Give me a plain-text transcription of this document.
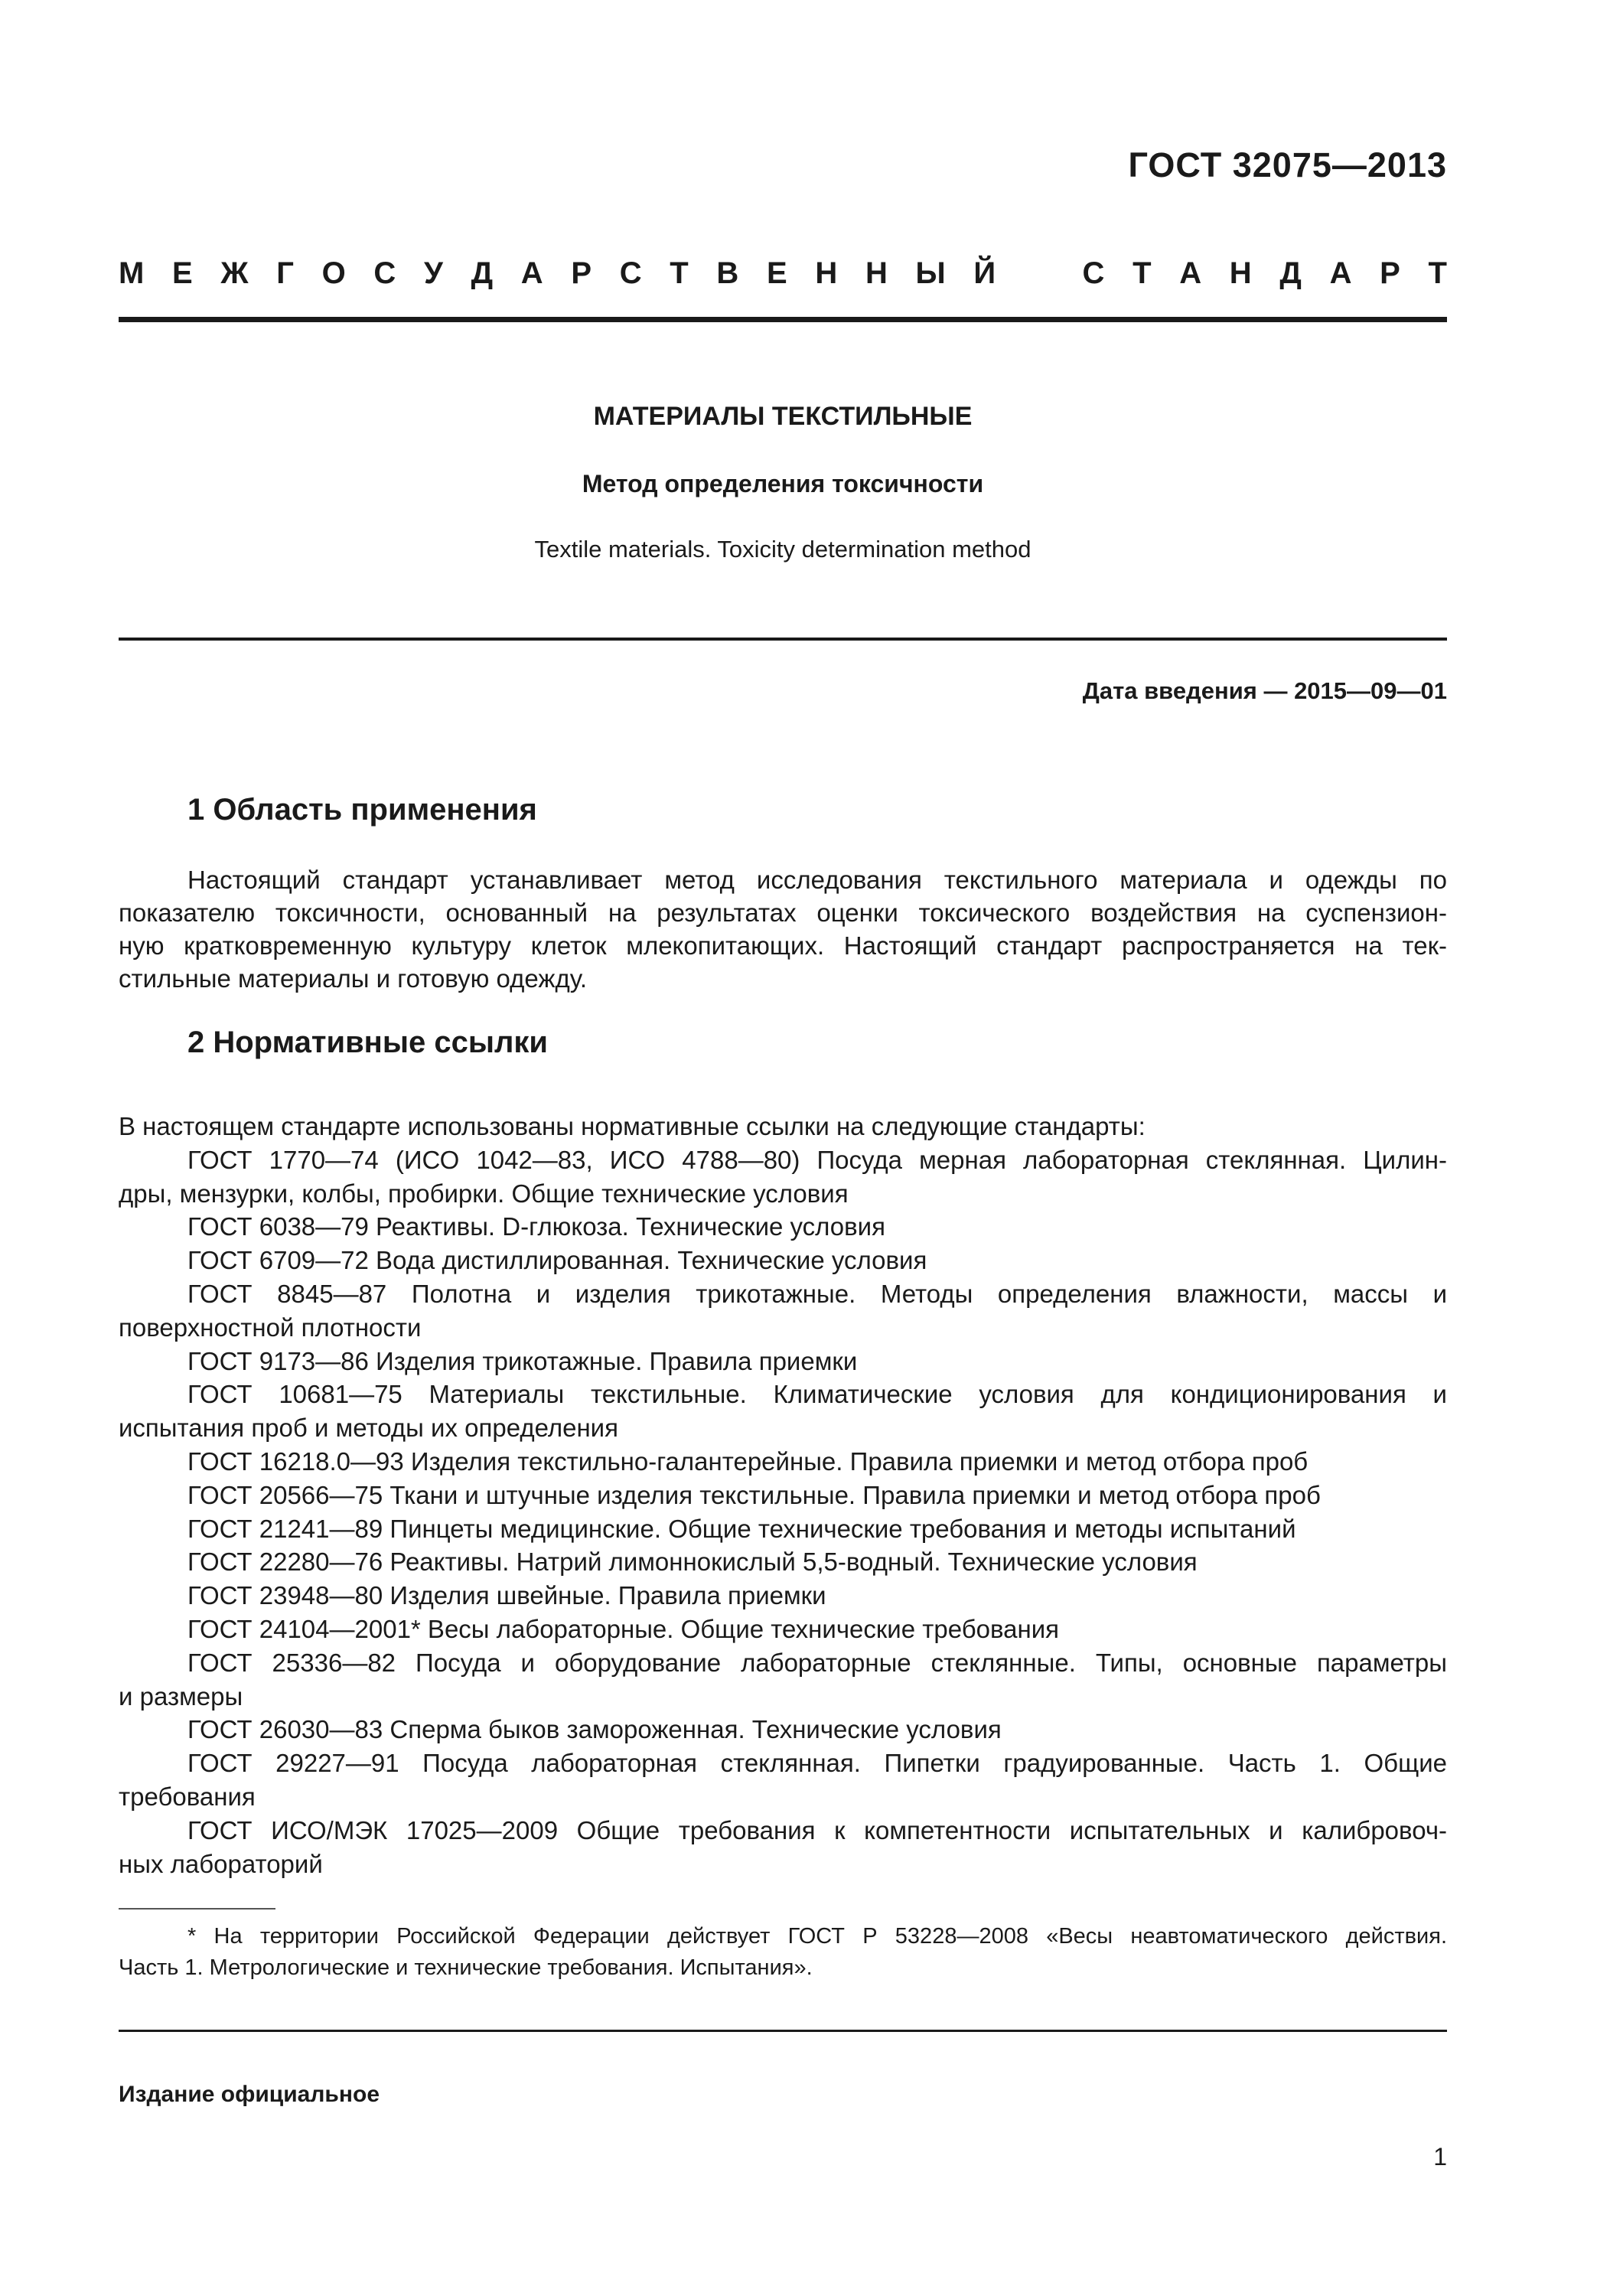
ГОСТ 32075—2013
М Е Ж Г О С У Д А Р С Т В Е Н Н Ы Й	С Т А Н Д А Р Т
МАТЕРИАЛЫ ТЕКСТИЛЬНЫЕ
Метод определения токсичности
Textile materials. Toxicity determination method
Дата введения — 2015—09—01
1 Область применения
Настоящий стандарт устанавливает метод исследования текстильного материала и одежды по
показателю токсичности, основанный на результатах оценки токсического воздействия на суспензион-
ную кратковременную культуру клеток млекопитающих. Настоящий стандарт распространяется на тек-
стильные материалы и готовую одежду.
2 Нормативные ссылки
В настоящем стандарте использованы нормативные ссылки на следующие стандарты:
ГОСТ 1770—74 (ИСО 1042—83, ИСО 4788—80) Посуда мерная лабораторная стеклянная. Цилин-
дры, мензурки, колбы, пробирки. Общие технические условия
ГОСТ 6038—79 Реактивы. D-глюкоза. Технические условия
ГОСТ 6709—72 Вода дистиллированная. Технические условия
ГОСТ 8845—87 Полотна и изделия трикотажные. Методы определения влажности, массы и
поверхностной плотности
ГОСТ 9173—86 Изделия трикотажные. Правила приемки
ГОСТ 10681—75 Материалы текстильные. Климатические условия для кондиционирования и
испытания проб и методы их определения
ГОСТ 16218.0—93 Изделия текстильно-галантерейные. Правила приемки и метод отбора проб
ГОСТ 20566—75 Ткани и штучные изделия текстильные. Правила приемки и метод отбора проб
ГОСТ 21241—89 Пинцеты медицинские. Общие технические требования и методы испытаний
ГОСТ 22280—76 Реактивы. Натрий лимоннокислый 5,5-водный. Технические условия
ГОСТ 23948—80 Изделия швейные. Правила приемки
ГОСТ 24104—2001* Весы лабораторные. Общие технические требования
ГОСТ 25336—82 Посуда и оборудование лабораторные стеклянные. Типы, основные параметры
и размеры
ГОСТ 26030—83 Сперма быков замороженная. Технические условия
ГОСТ 29227—91 Посуда лабораторная стеклянная. Пипетки градуированные. Часть 1. Общие
требования
ГОСТ ИСО/МЭК 17025—2009 Общие требования к компетентности испытательных и калибровоч-
ных лабораторий
* На территории Российской Федерации действует ГОСТ Р 53228—2008 «Весы неавтоматического действия.
Часть 1. Метрологические и технические требования. Испытания».
Издание официальное
1
